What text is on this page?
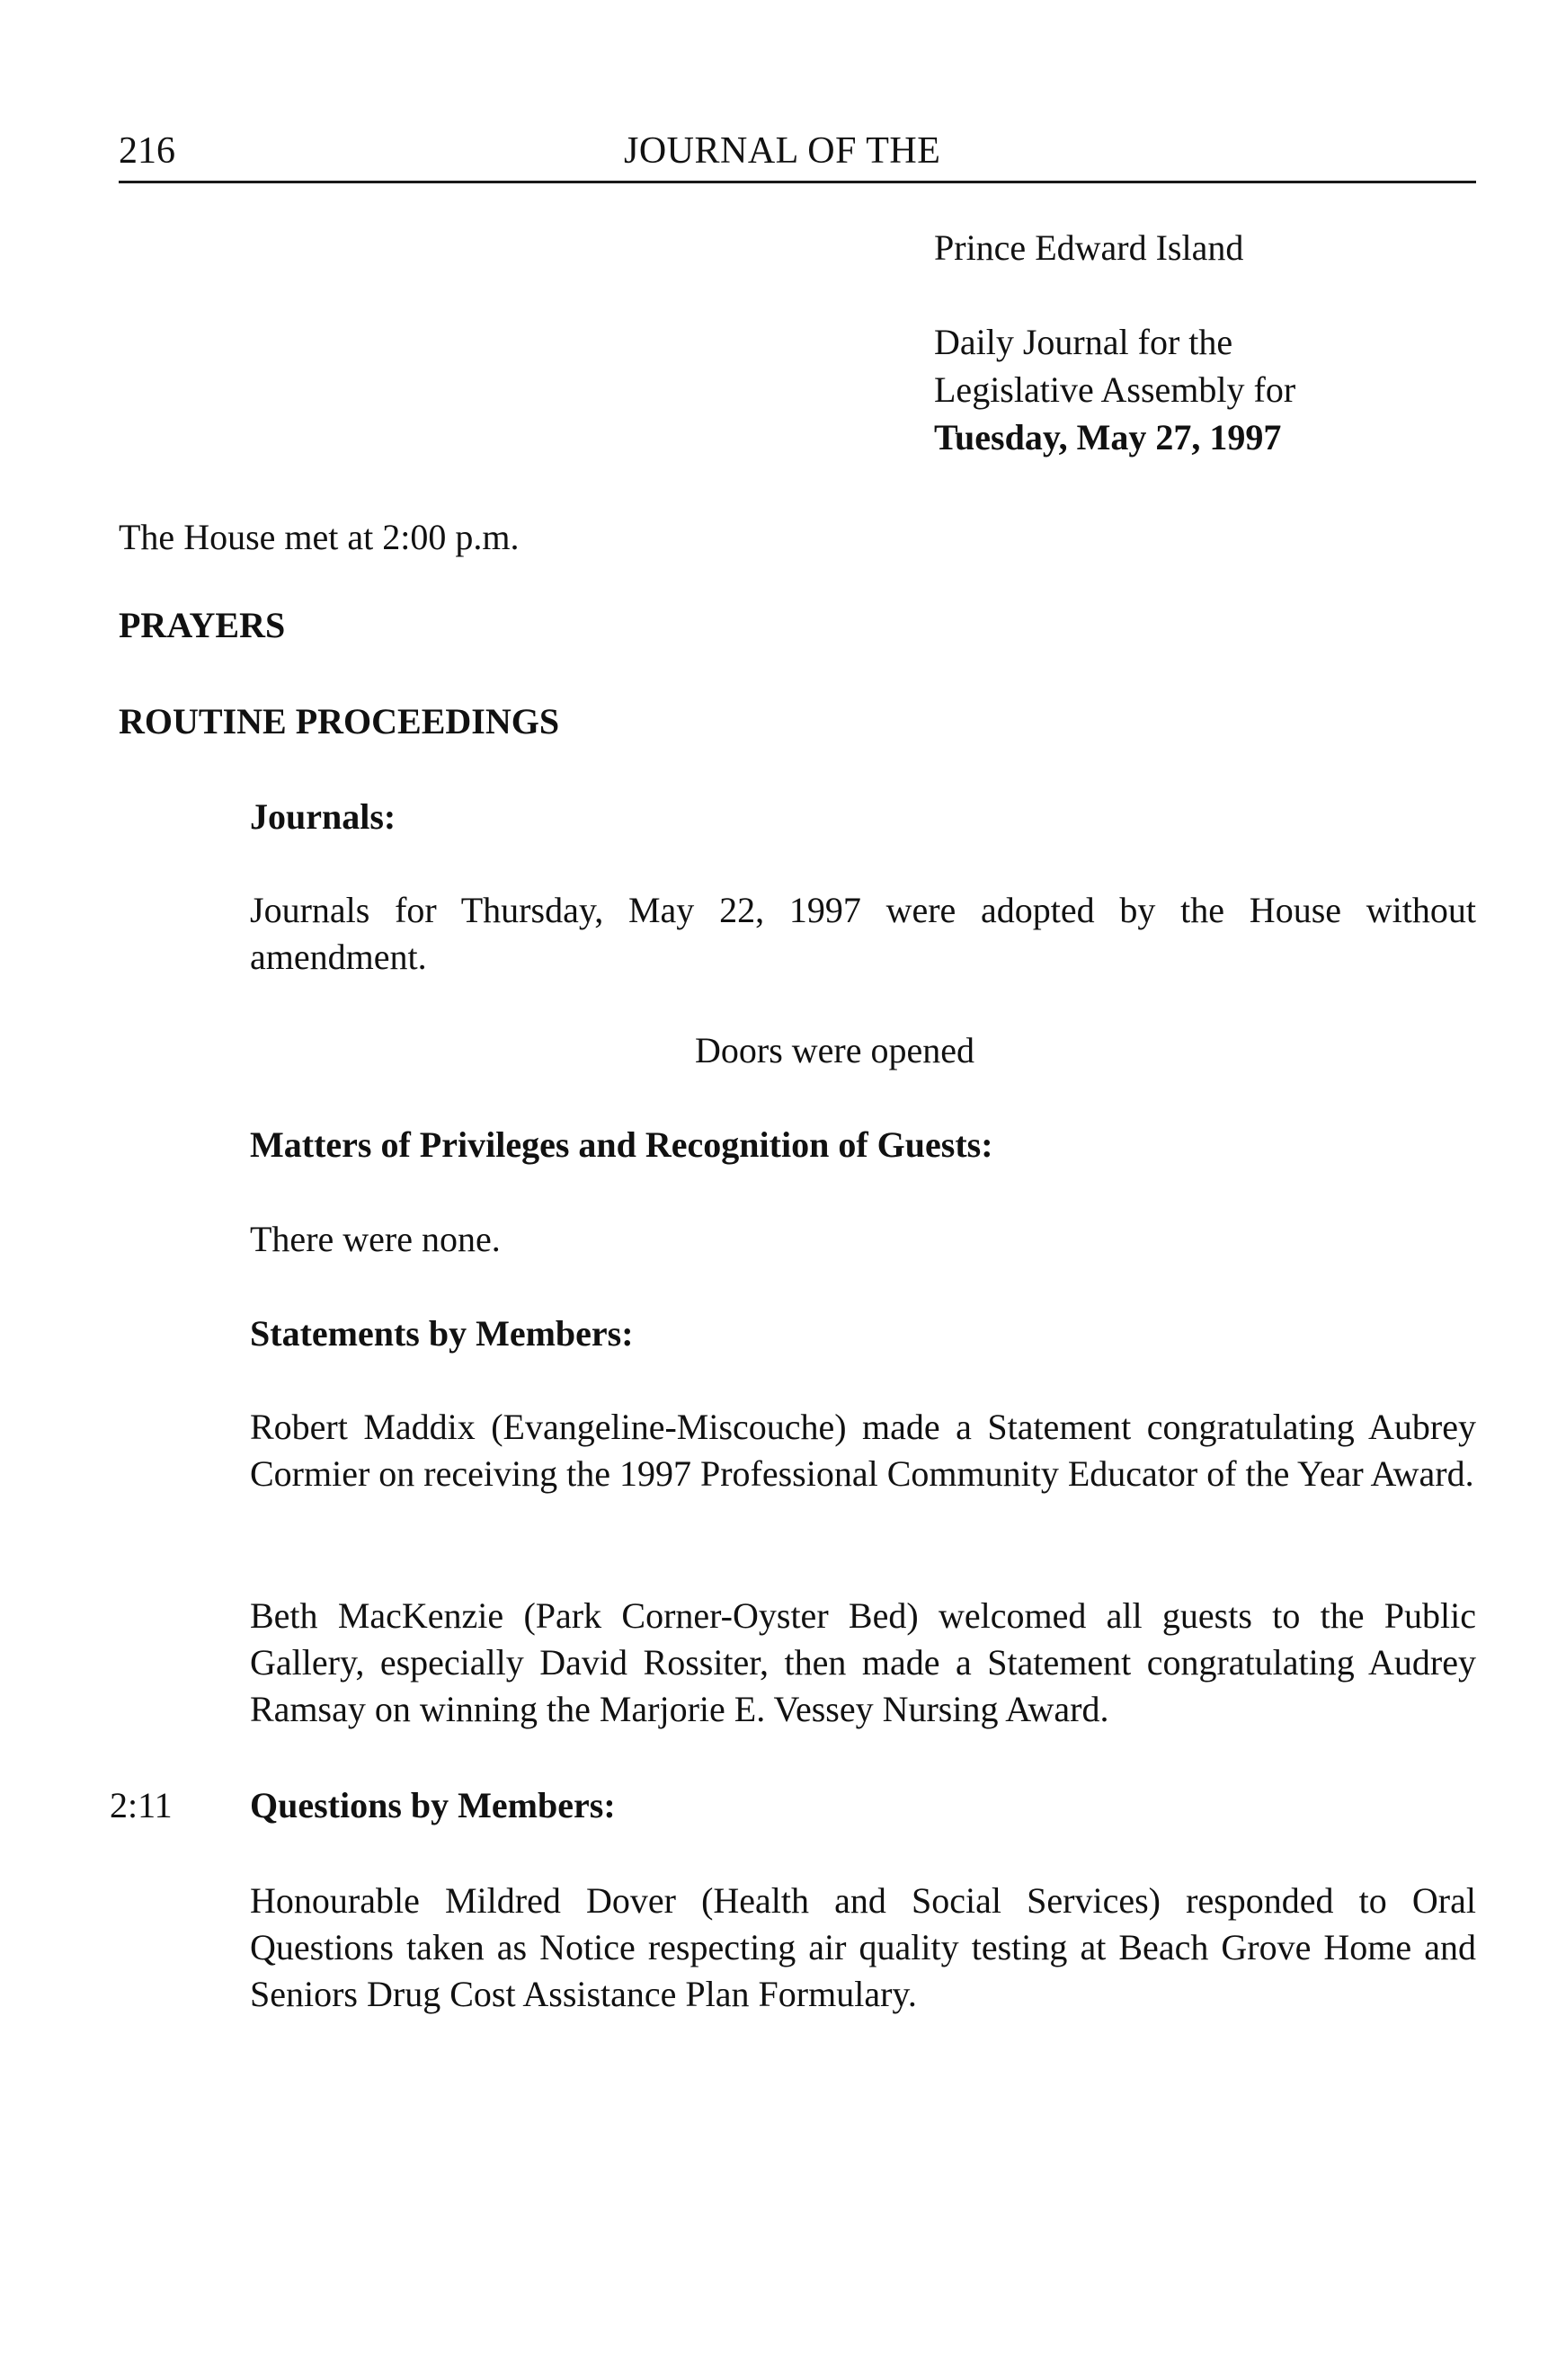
216	JOURNAL OF THE
Prince Edward Island
Daily Journal for the
Legislative Assembly for
Tuesday, May 27, 1997
The House met at 2:00 p.m.
PRAYERS
ROUTINE PROCEEDINGS
Journals:

Journals for Thursday, May 22, 1997 were adopted by the House without amendment.

Doors were opened
Matters of Privileges and Recognition of Guests:

There were none.

Statements by Members:

Robert Maddix (Evangeline-Miscouche) made a Statement congratulating Aubrey Cormier on receiving the 1997 Professional Community Educator of the Year Award.

Beth MacKenzie (Park Corner-Oyster Bed) welcomed all guests to the Public Gallery, especially David Rossiter, then made a Statement congratulating Audrey Ramsay on winning the Marjorie E. Vessey Nursing Award.

2:11 Questions by Members:

Honourable Mildred Dover (Health and Social Services) responded to Oral Questions taken as Notice respecting air quality testing at Beach Grove Home and Seniors Drug Cost Assistance Plan Formulary.
